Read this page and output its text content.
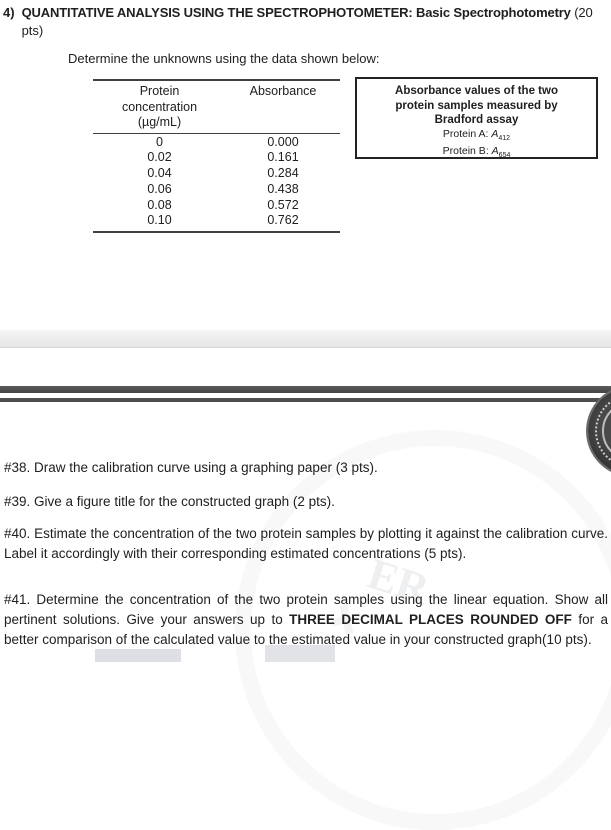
ER
✚
4) QUANTITATIVE ANALYSIS USING THE SPECTROPHOTOMETER: Basic Spectrophotometry (20
pts)
Determine the unknowns using the data shown below:
Protein
concentration
(µg/mL)
Absorbance
0	0.000
0.02	0.161
0.04	0.284
0.06	0.438
0.08	0.572
0.10	0.762
Absorbance values of the two
protein samples measured by
Bradford assay
Protein A: $A_{412}$
Protein B: $A_{654}$
#38. Draw the calibration curve using a graphing paper (3 pts).
#39. Give a figure title for the constructed graph (2 pts).
#40. Estimate the concentration of the two protein samples by plotting it against the calibration curve. Label it accordingly with their corresponding estimated concentrations (5 pts).
#41. Determine the concentration of the two protein samples using the linear equation. Show all pertinent solutions. Give your answers up to THREE DECIMAL PLACES ROUNDED OFF for a better comparison of the calculated value to the estimated value in your constructed graph(10 pts).
